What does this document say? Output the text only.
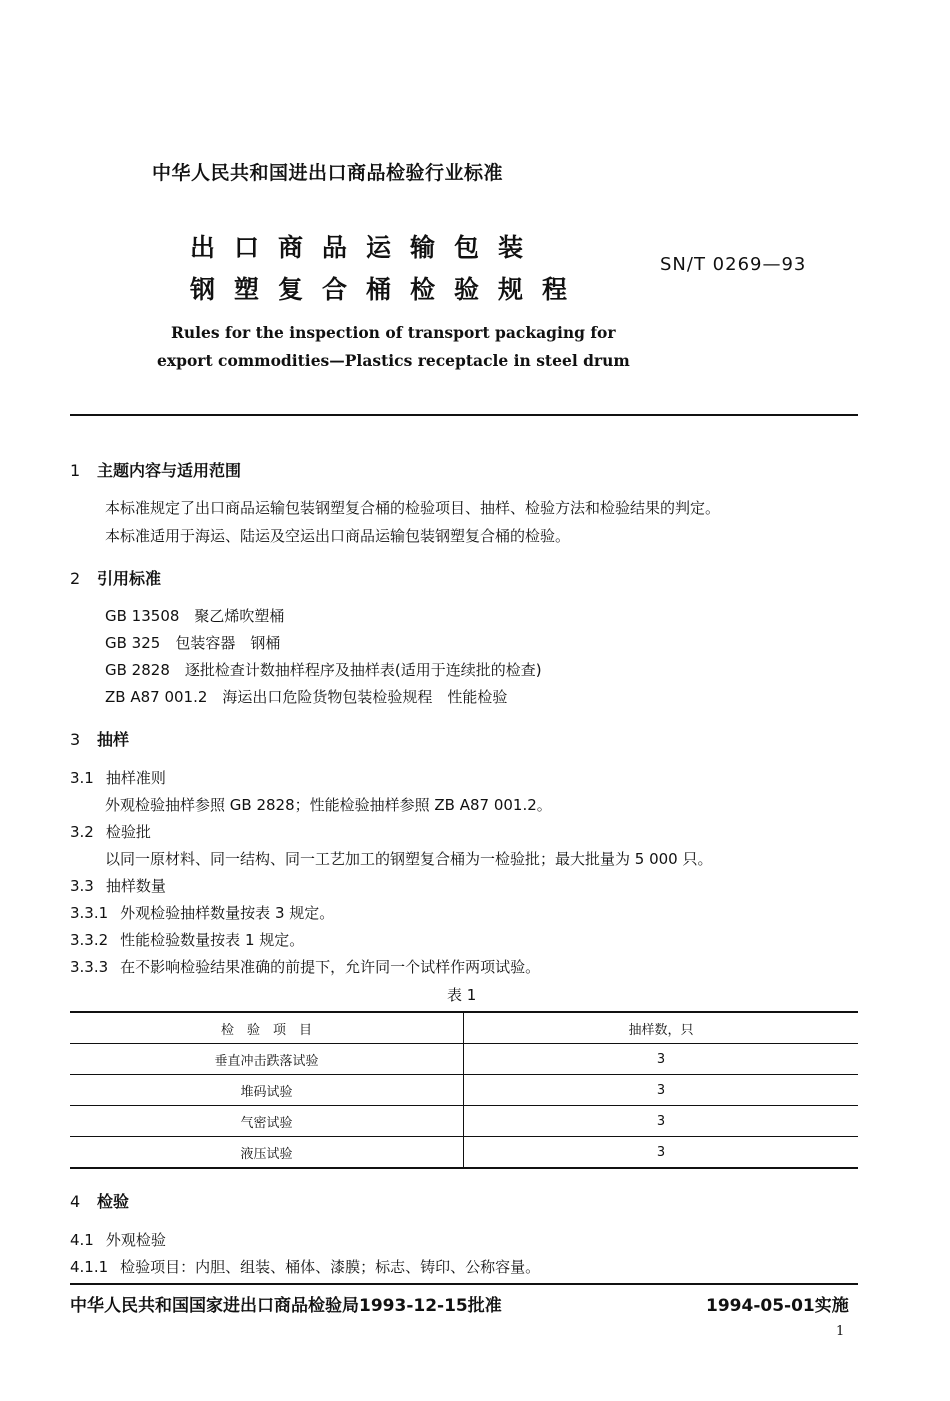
中华人民共和国进出口商品检验行业标准
出口商品运输包装
钢塑复合桶检验规程
SN/T 0269—93
Rules for the inspection of transport packaging for
export commodities—Plastics receptacle in steel drum
1 主题内容与适用范围
本标准规定了出口商品运输包装钢塑复合桶的检验项目、抽样、检验方法和检验结果的判定。
本标准适用于海运、陆运及空运出口商品运输包装钢塑复合桶的检验。
2 引用标准
GB 13508　聚乙烯吹塑桶
GB 325　包装容器　钢桶
GB 2828　逐批检查计数抽样程序及抽样表(适用于连续批的检查)
ZB A87 001.2　海运出口危险货物包装检验规程　性能检验
3 抽样
3.1 抽样准则
外观检验抽样参照 GB 2828；性能检验抽样参照 ZB A87 001.2。
3.2 检验批
以同一原材料、同一结构、同一工艺加工的钢塑复合桶为一检验批；最大批量为 5 000 只。
3.3 抽样数量
3.3.1 外观检验抽样数量按表 3 规定。
3.3.2 性能检验数量按表 1 规定。
3.3.3 在不影响检验结果准确的前提下，允许同一个试样作两项试验。
表 1
检　验　项　目	抽样数，只
垂直冲击跌落试验	3
堆码试验	3
气密试验	3
液压试验	3
4 检验
4.1 外观检验
4.1.1 检验项目：内胆、组装、桶体、漆膜；标志、铸印、公称容量。
中华人民共和国国家进出口商品检验局1993-12-15批准	1994-05-01实施
1
